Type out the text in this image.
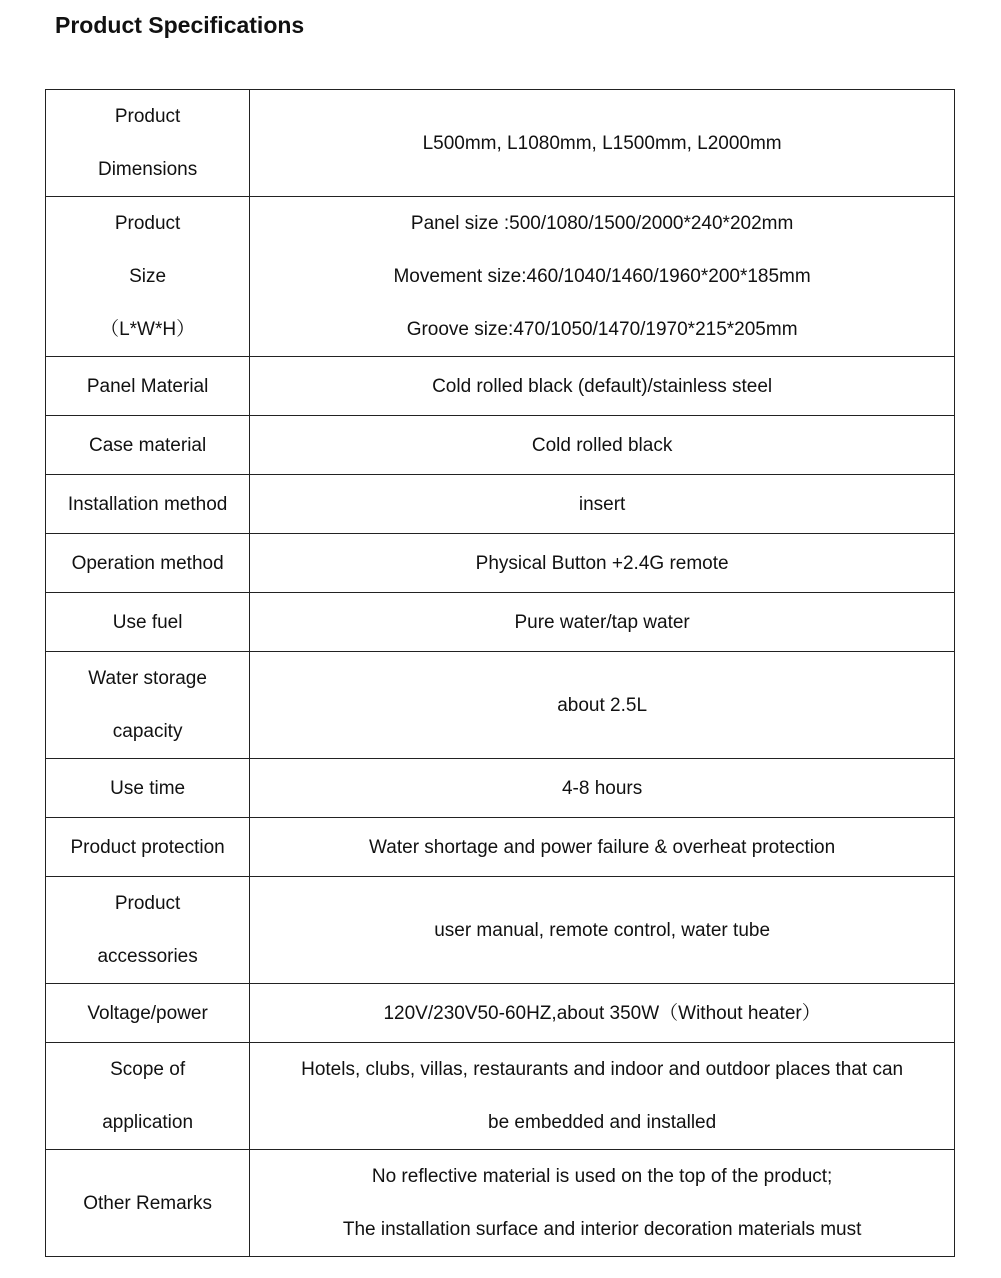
Product Specifications
Product
Dimensions	L500mm, L1080mm, L1500mm, L2000mm

Product
Size
（L*W*H）	Panel size :500/1080/1500/2000*240*202mm
Movement size:460/1040/1460/1960*200*185mm
Groove size:470/1050/1470/1970*215*205mm

Panel Material	Cold rolled black (default)/stainless steel

Case material	Cold rolled black

Installation method	insert

Operation method	Physical Button +2.4G remote

Use fuel	Pure water/tap water

Water storage
capacity	about 2.5L

Use time	4-8 hours

Product protection	Water shortage and power failure & overheat protection

Product
accessories	user manual, remote control, water tube

Voltage/power	120V/230V50-60HZ,about 350W（Without heater）

Scope of
application	Hotels, clubs, villas, restaurants and indoor and outdoor places that can
be embedded and installed

Other Remarks	No reflective material is used on the top of the product;
The installation surface and interior decoration materials must
